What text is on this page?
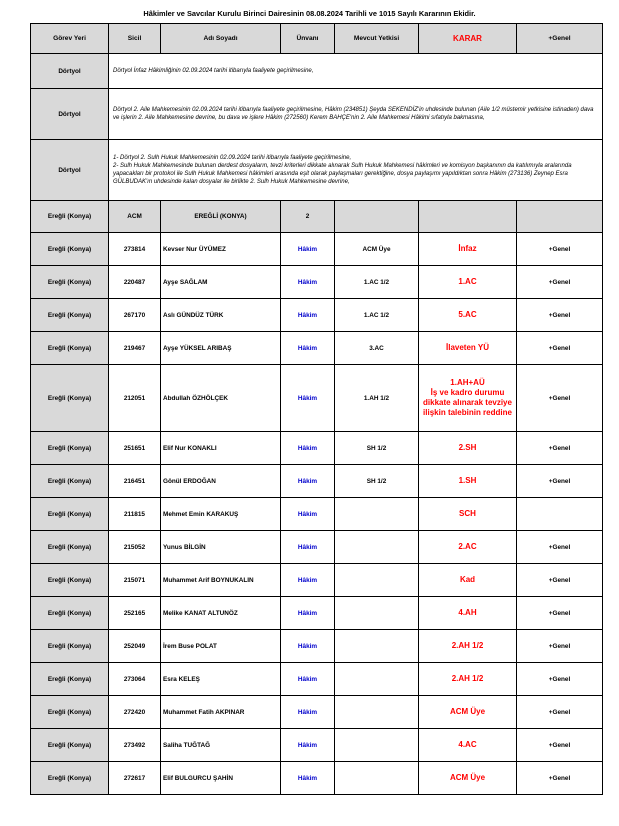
Hâkimler ve Savcılar Kurulu Birinci Dairesinin 08.08.2024 Tarihli ve 1015 Sayılı Kararının Ekidir.
Görev Yeri	Sicil	Adı Soyadı	Ünvanı	Mevcut Yetkisi	KARAR	+Genel
Dörtyol	Dörtyol İnfaz Hâkimliğinin 02.09.2024 tarihi itibarıyla faaliyete geçirilmesine,					
Dörtyol	Dörtyol 2. Aile Mahkemesinin 02.09.2024 tarihi itibarıyla faaliyete geçirilmesine, Hâkim (234851) Şeyda SEKENDİZ'in uhdesinde bulunan (Aile 1/2 müstemir yetkisine istinaden) dava ve işlerin 2. Aile Mahkemesine devrine, bu dava ve işlere Hâkim (272560) Kerem BAHÇE'nin 2. Aile Mahkemesi Hâkimi sıfatıyla bakmasına,					
Dörtyol	1- Dörtyol 2. Sulh Hukuk Mahkemesinin 02.09.2024 tarihi itibarıyla faaliyete geçirilmesine,
2- Sulh Hukuk Mahkemesinde bulunan derdest dosyaların, tevzi kriterleri dikkate alınarak Sulh Hukuk Mahkemesi hâkimleri ve komisyon başkanının da katılımıyla aralarında yapacakları bir protokol ile Sulh Hukuk Mahkemesi hâkimleri arasında eşit olarak paylaşmaları gerektiğine, dosya paylaşımı yapıldıktan sonra Hâkim (273136) Zeynep Esra GÜLBUDAK'ın uhdesinde kalan dosyalar ile birlikte 2. Sulh Hukuk Mahkemesine devrine,					
Ereğli (Konya)	ACM	EREĞLİ (KONYA)	2			
Ereğli (Konya)	273814	Kevser Nur ÜYÜMEZ	Hâkim	ACM Üye	İnfaz	+Genel
Ereğli (Konya)	220487	Ayşe SAĞLAM	Hâkim	1.AC 1/2	1.AC	+Genel
Ereğli (Konya)	267170	Aslı GÜNDÜZ TÜRK	Hâkim	1.AC 1/2	5.AC	+Genel
Ereğli (Konya)	219467	Ayşe YÜKSEL ARIBAŞ	Hâkim	3.AC	İlaveten YÜ	+Genel
Ereğli (Konya)	212051	Abdullah ÖZHÖLÇEK	Hâkim	1.AH 1/2	1.AH+AÜ
İş ve kadro durumu dikkate alınarak tevziye ilişkin talebinin reddine	+Genel
Ereğli (Konya)	251651	Elif Nur KONAKLI	Hâkim	SH 1/2	2.SH	+Genel
Ereğli (Konya)	216451	Gönül ERDOĞAN	Hâkim	SH 1/2	1.SH	+Genel
Ereğli (Konya)	211815	Mehmet Emin KARAKUŞ	Hâkim		SCH	
Ereğli (Konya)	215052	Yunus BİLGİN	Hâkim		2.AC	+Genel
Ereğli (Konya)	215071	Muhammet Arif BOYNUKALIN	Hâkim		Kad	+Genel
Ereğli (Konya)	252165	Melike KANAT ALTUNÖZ	Hâkim		4.AH	+Genel
Ereğli (Konya)	252049	İrem Buse POLAT	Hâkim		2.AH 1/2	+Genel
Ereğli (Konya)	273064	Esra KELEŞ	Hâkim		2.AH 1/2	+Genel
Ereğli (Konya)	272420	Muhammet Fatih AKPINAR	Hâkim		ACM Üye	+Genel
Ereğli (Konya)	273492	Saliha TUĞTAĞ	Hâkim		4.AC	+Genel
Ereğli (Konya)	272617	Elif BULGURCU ŞAHİN	Hâkim		ACM Üye	+Genel
